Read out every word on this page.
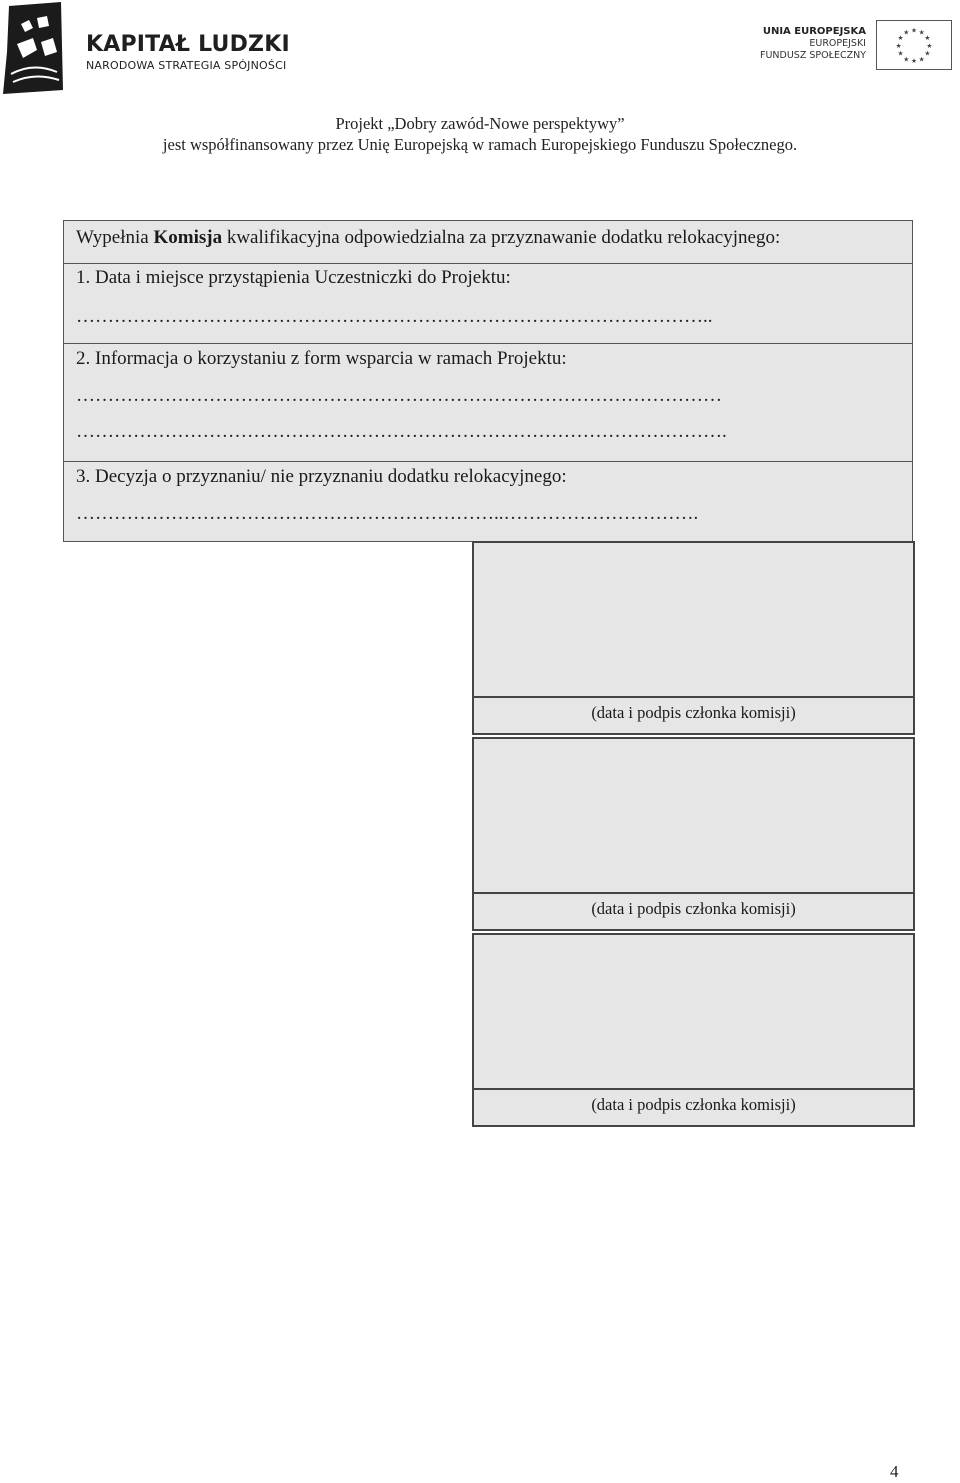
KAPITAŁ LUDZKI
NARODOWA STRATEGIA SPÓJNOŚCI
UNIA EUROPEJSKA
EUROPEJSKI
FUNDUSZ SPOŁECZNY
★ ★
★
★
★
★
★
★
★
★
★
★
Projekt „Dobry zawód-Nowe perspektywy”
jest współfinansowany przez Unię Europejską w ramach Europejskiego Funduszu Społecznego.
Wypełnia Komisja kwalifikacyjna odpowiedzialna za przyznawanie dodatku relokacyjnego:
1. Data i miejsce przystąpienia Uczestniczki do Projektu:
………………………………………………………………………………………..
2. Informacja o korzystaniu z form wsparcia w ramach Projektu:
…………………………………………………………………………………………
………………………………………………………………………………………….
3. Decyzja o przyznaniu/ nie przyznaniu dodatku relokacyjnego:
…………………………………………………………..………………………….
(data i podpis członka komisji)
(data i podpis członka komisji)
(data i podpis członka komisji)
4
